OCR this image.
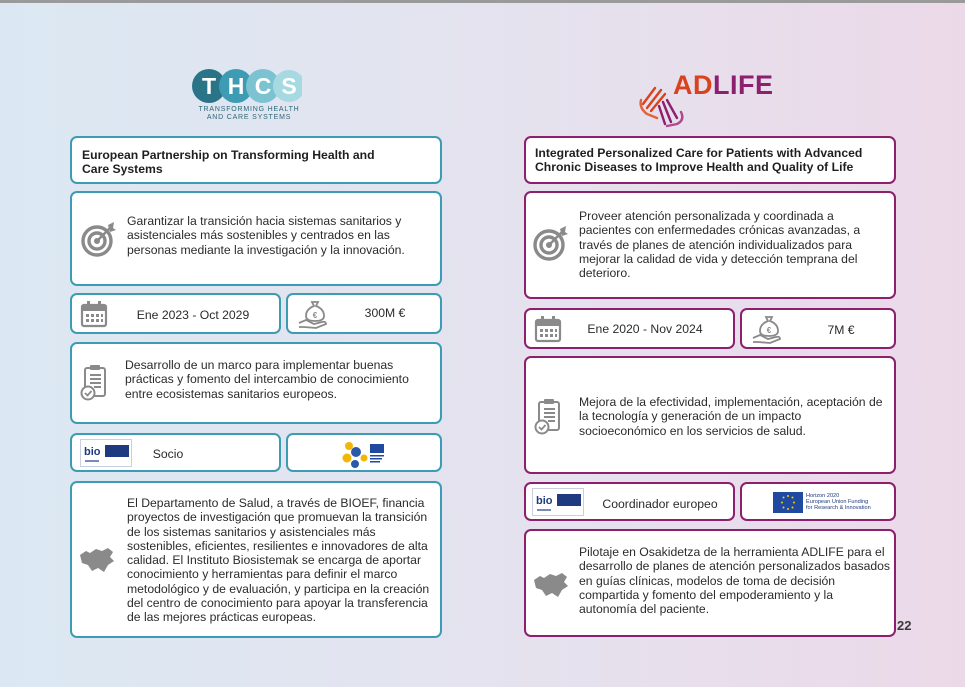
T H C S
TRANSFORMING HEALTH
AND CARE SYSTEMS
ADLIFE
European Partnership on Transforming Health and Care Systems
Garantizar la transición hacia sistemas sanitarios y asistenciales más sostenibles y centrados en las personas mediante la investigación y la innovación.
Ene 2023 - Oct 2029	€	300M €
Desarrollo de un marco para implementar buenas prácticas y fomento del intercambio de conocimiento entre ecosistemas sanitarios europeos.
bio	Socio
El Departamento de Salud, a través de BIOEF, financia proyectos de investigación que promuevan la transición de los sistemas sanitarios y asistenciales más sostenibles, eficientes, resilientes e innovadores de alta calidad. El Instituto Biosistemak se encarga de aportar conocimiento y herramientas para definir el marco metodológico y de evaluación, y participa en la creación del centro de conocimiento para apoyar la transferencia de las mejores prácticas europeas.
Integrated Personalized Care for Patients with Advanced Chronic Diseases to Improve Health and Quality of Life
Proveer atención personalizada y coordinada a pacientes con enfermedades crónicas avanzadas, a través de planes de atención individualizados para mejorar la calidad de vida y detección temprana del deterioro.
Ene 2020 - Nov 2024	€	7M €
Mejora de la efectividad, implementación, aceptación de la tecnología y generación de un impacto socioeconómico en los servicios de salud.
bio	Coordinador europeo
Horizon 2020
European Union Funding
for Research & Innovation
Pilotaje en Osakidetza de la herramienta ADLIFE para el desarrollo de planes de atención personalizados basados en guías clínicas, modelos de toma de decisión compartida y fomento del empoderamiento y la autonomía del paciente.
22
